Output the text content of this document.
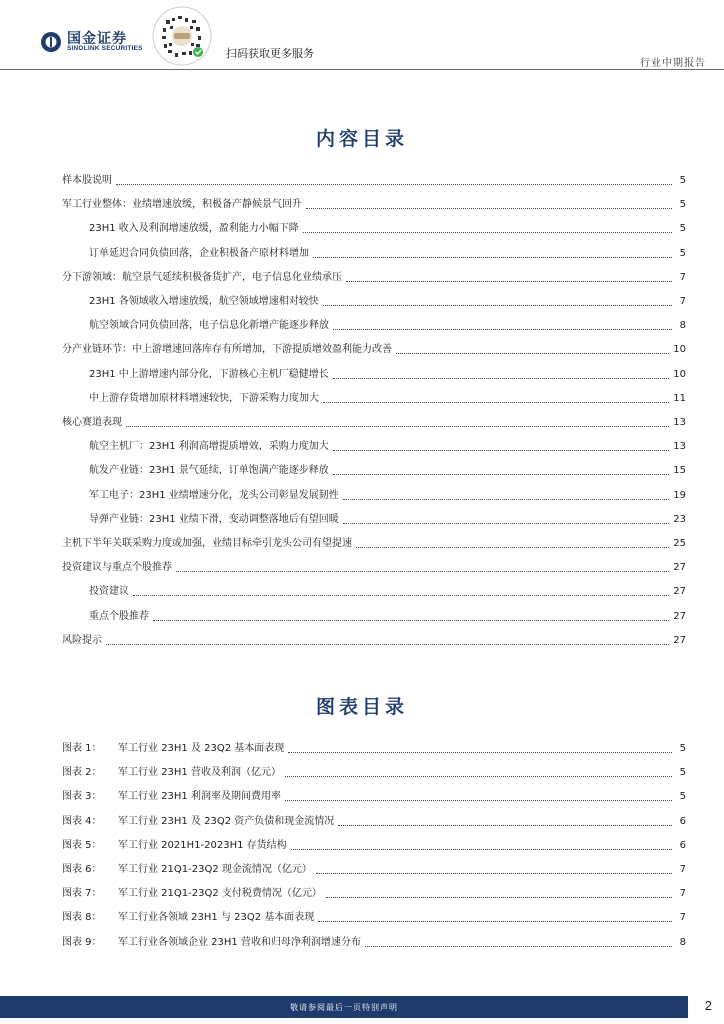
国金证券
SINOLINK SECURITIES	扫码获取更多服务
行业中期报告
内容目录
样本股说明	5
军工行业整体：业绩增速放缓，积极备产静候景气回升	5
23H1 收入及利润增速放缓，盈利能力小幅下降	5
订单延迟合同负债回落，企业积极备产原材料增加	5
分下游领域：航空景气延续积极备货扩产，电子信息化业绩承压	7
23H1 各领域收入增速放缓，航空领域增速相对较快	7
航空领域合同负债回落，电子信息化新增产能逐步释放	8
分产业链环节：中上游增速回落库存有所增加，下游提质增效盈利能力改善	10
23H1 中上游增速内部分化，下游核心主机厂稳健增长	10
中上游存货增加原材料增速较快，下游采购力度加大	11
核心赛道表现	13
航空主机厂：23H1 利润高增提质增效，采购力度加大	13
航发产业链：23H1 景气延续，订单饱满产能逐步释放	15
军工电子：23H1 业绩增速分化，龙头公司彰显发展韧性	19
导弹产业链：23H1 业绩下滑，变动调整落地后有望回暖	23
主机下半年关联采购力度或加强，业绩目标牵引龙头公司有望提速	25
投资建议与重点个股推荐	27
投资建议	27
重点个股推荐	27
风险提示	27
图表目录
图表 1：	军工行业 23H1 及 23Q2 基本面表现	5
图表 2：	军工行业 23H1 营收及利润（亿元）	5
图表 3：	军工行业 23H1 利润率及期间费用率	5
图表 4：	军工行业 23H1 及 23Q2 资产负债和现金流情况	6
图表 5：	军工行业 2021H1-2023H1 存货结构	6
图表 6：	军工行业 21Q1-23Q2 现金流情况（亿元）	7
图表 7：	军工行业 21Q1-23Q2 支付税费情况（亿元）	7
图表 8：	军工行业各领域 23H1 与 23Q2 基本面表现	7
图表 9：	军工行业各领域企业 23H1 营收和归母净利润增速分布	8
敬请参阅最后一页特别声明	2
